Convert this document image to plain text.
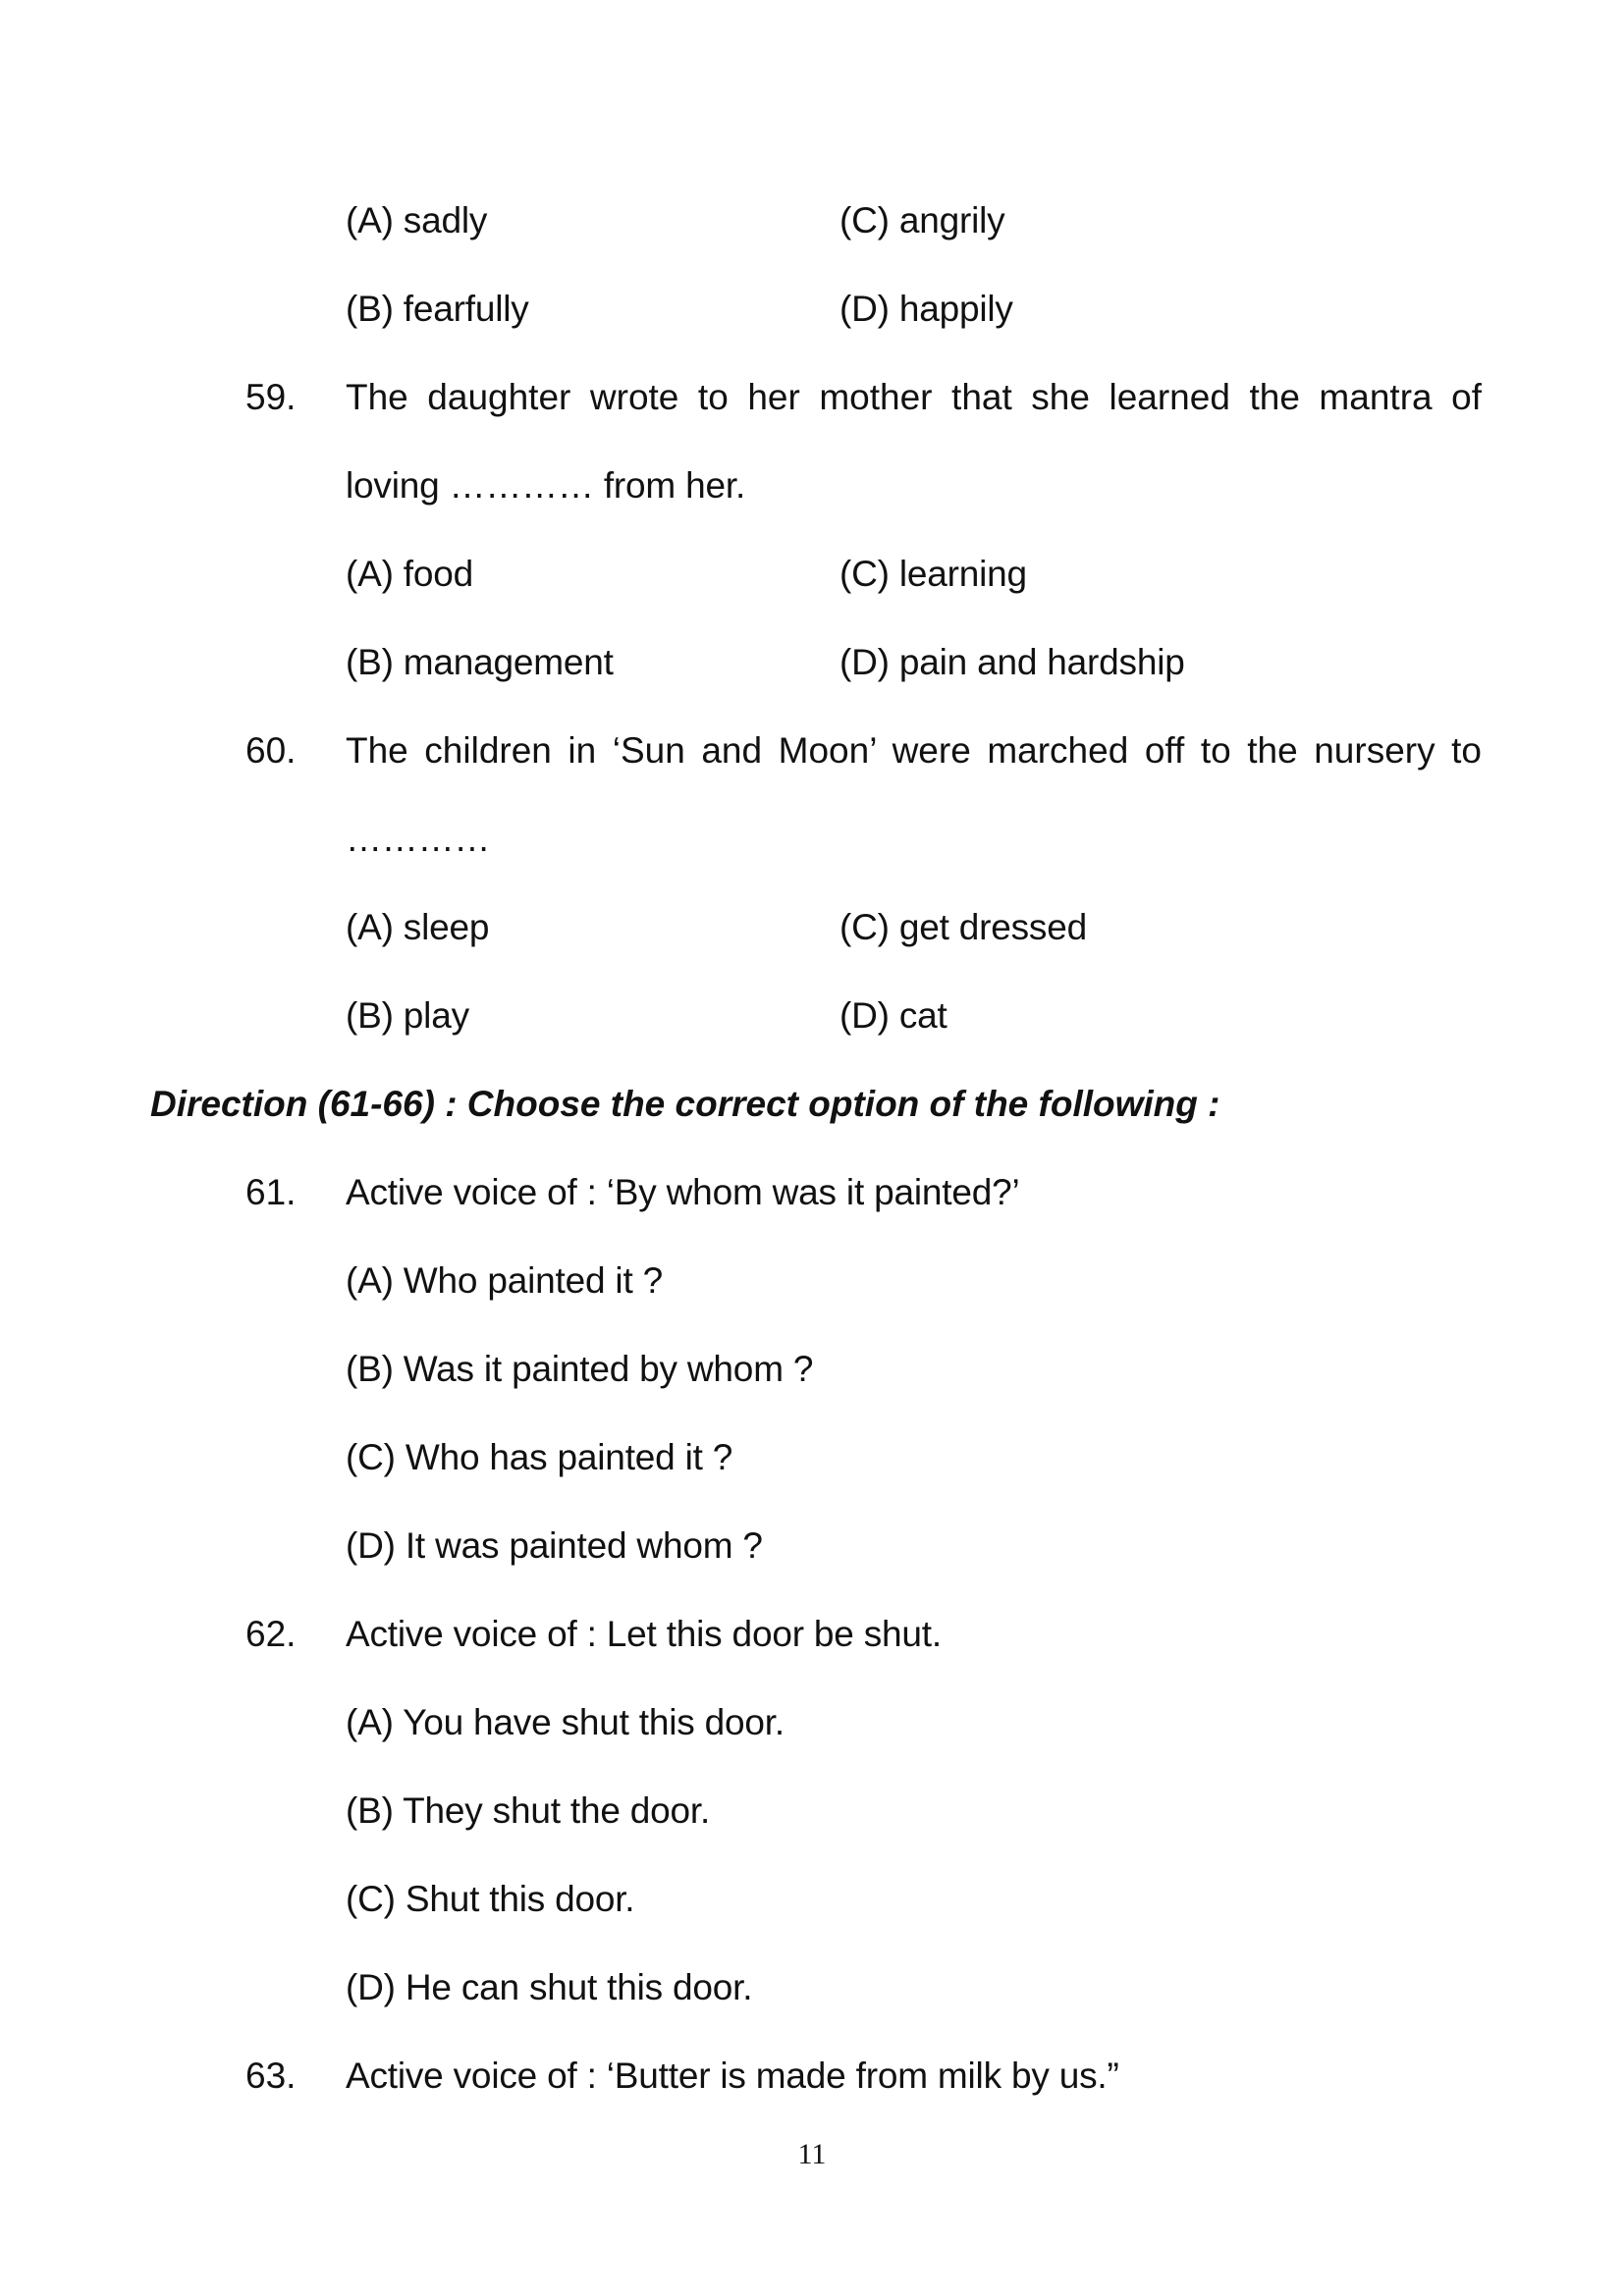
(A) sadly	(C) angrily
(B) fearfully	(D) happily
59. The daughter wrote to her mother that she learned the mantra of
loving ………… from her.
(A) food	(C) learning
(B) management	(D) pain and hardship
60. The children in ‘Sun and Moon’ were marched off to the nursery to
…………
(A) sleep	(C) get dressed
(B) play	(D) cat
Direction (61-66) : Choose the correct option of the following :
61. Active voice of : ‘By whom was it painted?’
(A) Who painted it ?
(B) Was it painted by whom ?
(C) Who has painted it ?
(D) It was painted whom ?
62. Active voice of : Let this door be shut.
(A) You have shut this door.
(B) They shut the door.
(C) Shut this door.
(D) He can shut this door.
63. Active voice of : ‘Butter is made from milk by us.”
11
